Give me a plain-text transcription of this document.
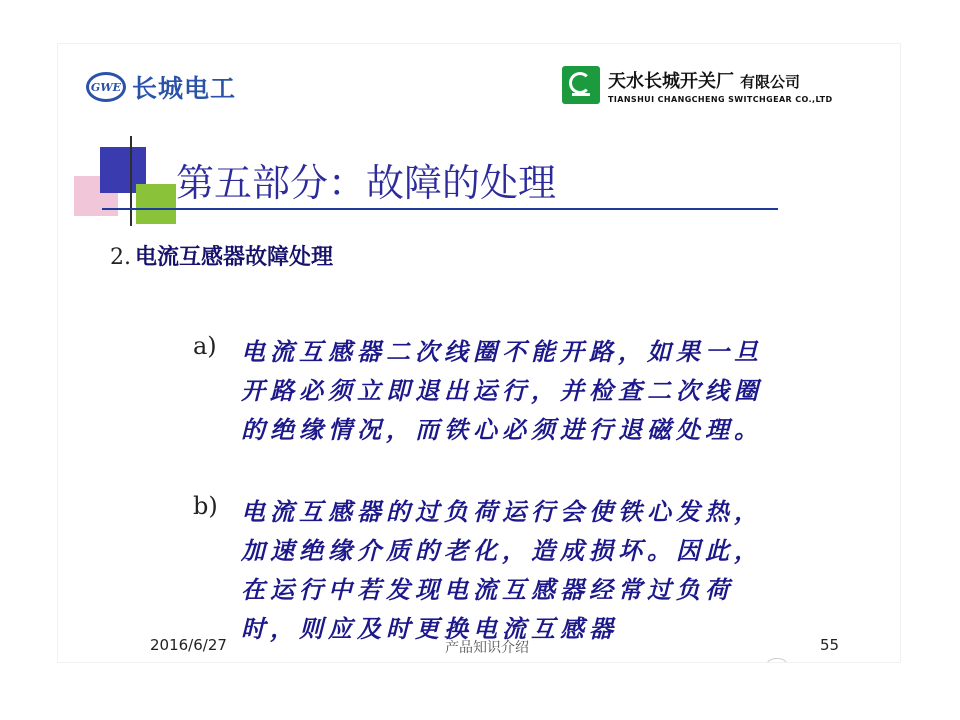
GWE 长城电工	天水长城开关厂 有限公司
TIANSHUI CHANGCHENG SWITCHGEAR CO.,LTD
第五部分：故障的处理
2. 电流互感器故障处理
a) 电流互感器二次线圈不能开路，如果一旦开路必须立即退出运行，并检查二次线圈的绝缘情况，而铁心必须进行退磁处理。
b) 电流互感器的过负荷运行会使铁心发热，加速绝缘介质的老化，造成损坏。因此，在运行中若发现电流互感器经常过负荷时，则应及时更换电流互感器
2016/6/27	产品知识介绍	55
